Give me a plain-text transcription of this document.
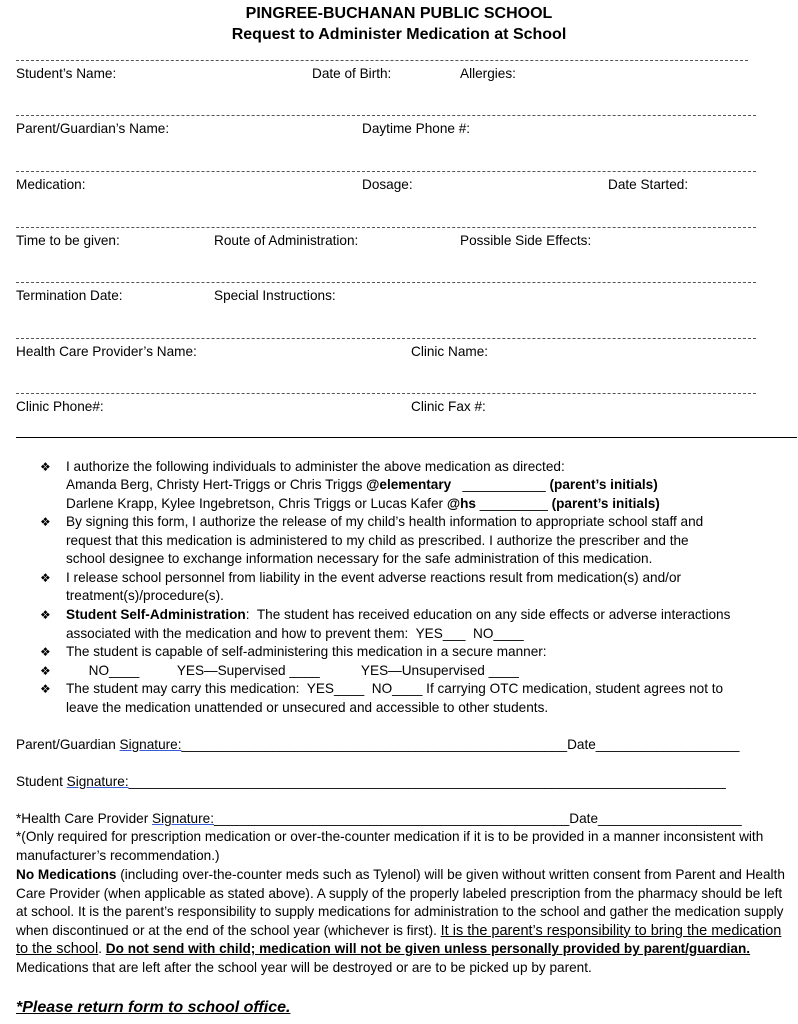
PINGREE-BUCHANAN PUBLIC SCHOOL
Request to Administer Medication at School
Student’s Name:	Date of Birth:	Allergies:
Parent/Guardian’s Name:	Daytime Phone #:
Medication:	Dosage:	Date Started:
Time to be given:	Route of Administration:	Possible Side Effects:
Termination Date:	Special Instructions:
Health Care Provider’s Name:	Clinic Name:
Clinic Phone#:	Clinic Fax #:
❖ I authorize the following individuals to administer the above medication as directed:
Amanda Berg, Christy Hert-Triggs or Chris Triggs @elementary   ___________ (parent’s initials)
Darlene Krapp, Kylee Ingebretson, Chris Triggs or Lucas Kafer @hs _________ (parent’s initials)
❖ By signing this form, I authorize the release of my child’s health information to appropriate school staff and
request that this medication is administered to my child as prescribed. I authorize the prescriber and the
school designee to exchange information necessary for the safe administration of this medication.
❖ I release school personnel from liability in the event adverse reactions result from medication(s) and/or
treatment(s)/procedure(s).
❖ Student Self-Administration:  The student has received education on any side effects or adverse interactions
associated with the medication and how to prevent them:  YES___  NO____
❖ The student is capable of self-administering this medication in a secure manner:
❖ NO____          YES—Supervised ____           YES—Unsupervised ____
❖ The student may carry this medication:  YES____  NO____ If carrying OTC medication, student agrees not to
leave the medication unattended or unsecured and accessible to other students.
Parent/Guardian Signature:___________________________________________________Date___________________
Student Signature:_______________________________________________________________________________
*Health Care Provider Signature:_______________________________________________Date___________________
*(Only required for prescription medication or over-the-counter medication if it is to be provided in a manner inconsistent with manufacturer’s recommendation.)
No Medications (including over-the-counter meds such as Tylenol) will be given without written consent from Parent and Health Care Provider (when applicable as stated above). A supply of the properly labeled prescription from the pharmacy should be left at school. It is the parent’s responsibility to supply medications for administration to the school and gather the medication supply when discontinued or at the end of the school year (whichever is first). It is the parent’s responsibility to bring the medication to the school. Do not send with child; medication will not be given unless personally provided by parent/guardian. Medications that are left after the school year will be destroyed or are to be picked up by parent.
*Please return form to school office.
